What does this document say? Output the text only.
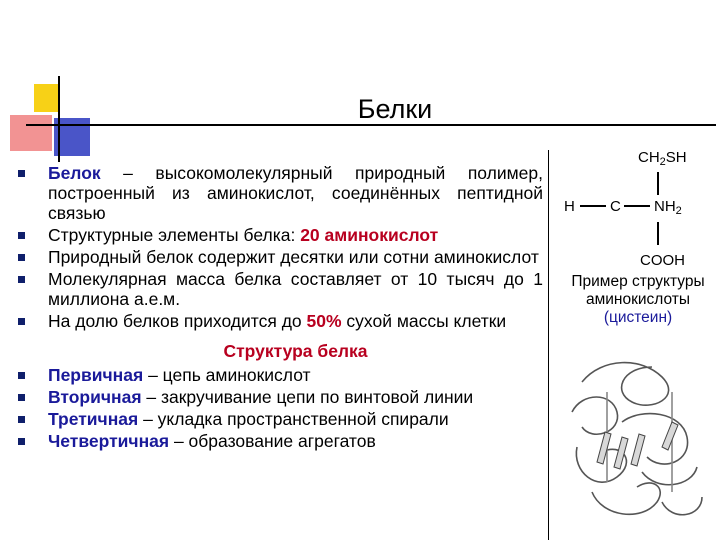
Белки
Белок – высокомолекулярный природный полимер, построенный из аминокислот, соединённых пептидной связью
Структурные элементы белка: 20 аминокислот
Природный белок содержит десятки или сотни аминокислот
Молекулярная масса белка составляет от 10 тысяч до 1 миллиона а.е.м.
На долю белков приходится до 50% сухой массы клетки
Структура белка
Первичная – цепь аминокислот
Вторичная – закручивание цепи по винтовой линии
Третичная – укладка пространственной спирали
Четвертичная – образование агрегатов
$CH_2SH$
H C $NH_2$
COOH
Пример структуры аминокислоты
(цистеин)
